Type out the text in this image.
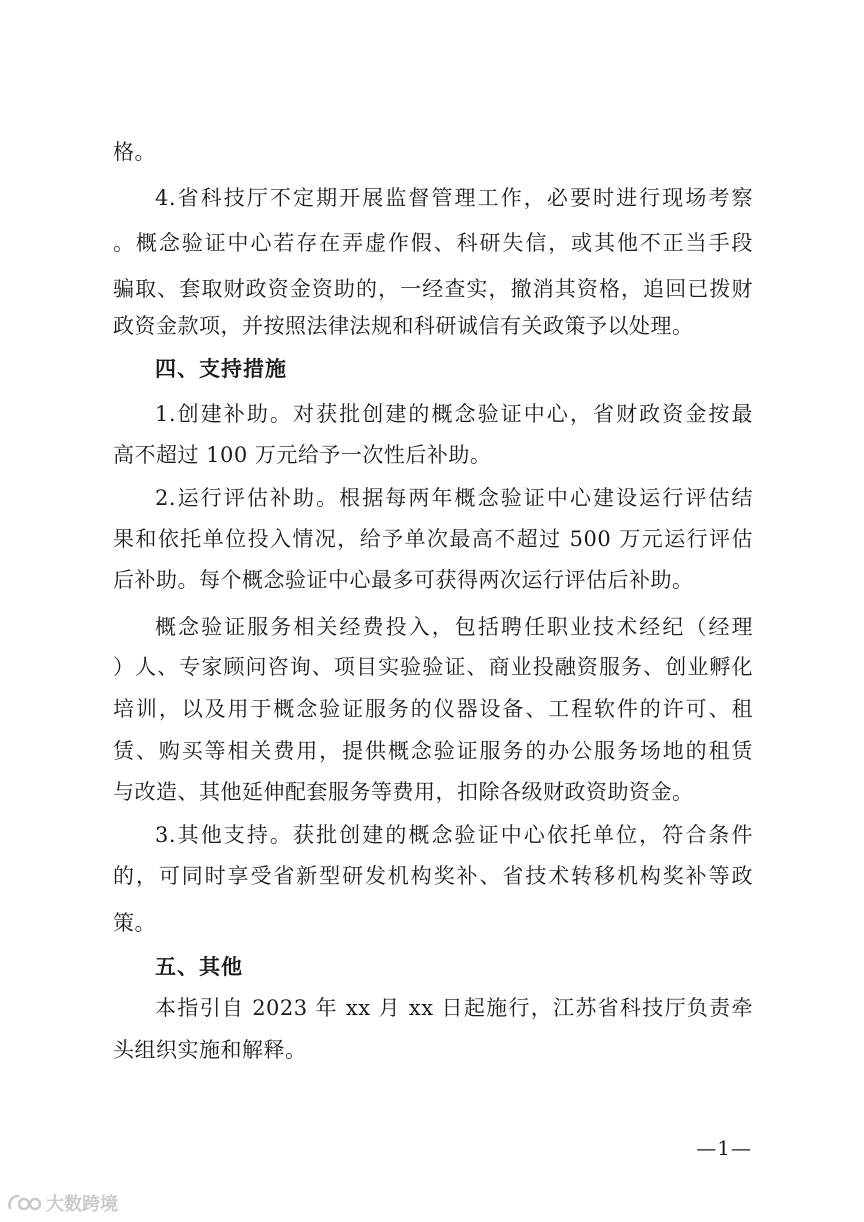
格。
4.省科技厅不定期开展监督管理工作，必要时进行现场考察
。概念验证中心若存在弄虚作假、科研失信，或其他不正当手段
骗取、套取财政资金资助的，一经查实，撤消其资格，追回已拨财
政资金款项，并按照法律法规和科研诚信有关政策予以处理。
四、支持措施
1.创建补助。对获批创建的概念验证中心，省财政资金按最
高不超过 100 万元给予一次性后补助。
2.运行评估补助。根据每两年概念验证中心建设运行评估结
果和依托单位投入情况，给予单次最高不超过 500 万元运行评估
后补助。每个概念验证中心最多可获得两次运行评估后补助。
概念验证服务相关经费投入，包括聘任职业技术经纪（经理
）人、专家顾问咨询、项目实验验证、商业投融资服务、创业孵化
培训，以及用于概念验证服务的仪器设备、工程软件的许可、租
赁、购买等相关费用，提供概念验证服务的办公服务场地的租赁
与改造、其他延伸配套服务等费用，扣除各级财政资助资金。
3.其他支持。获批创建的概念验证中心依托单位，符合条件
的，可同时享受省新型研发机构奖补、省技术转移机构奖补等政
策。
五、其他
本指引自 2023 年 xx 月 xx 日起施行，江苏省科技厅负责牵
头组织实施和解释。
—1—
大数跨境
